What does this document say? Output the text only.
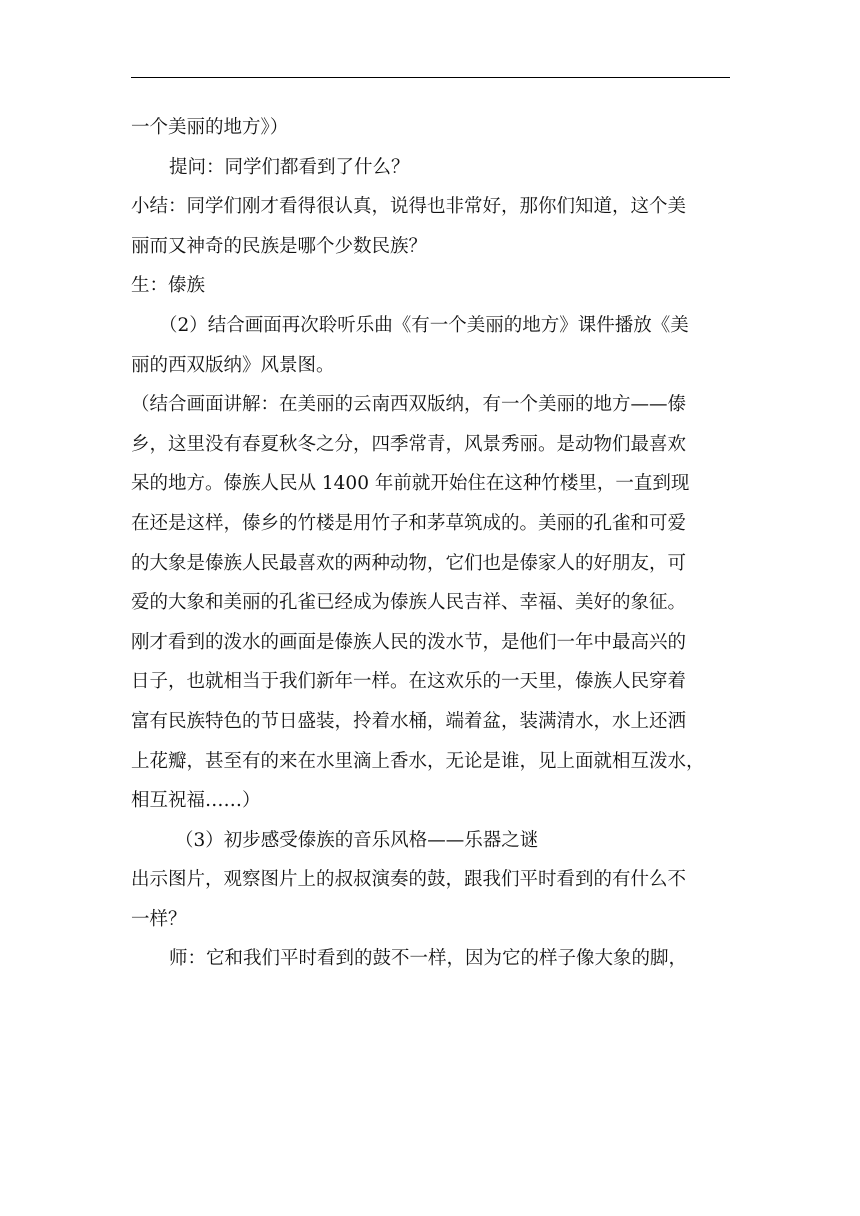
一个美丽的地方》）
提问：同学们都看到了什么？
小结：同学们刚才看得很认真，说得也非常好，那你们知道，这个美
丽而又神奇的民族是哪个少数民族？
生：傣族
（2）结合画面再次聆听乐曲《有一个美丽的地方》课件播放《美
丽的西双版纳》风景图。
（结合画面讲解：在美丽的云南西双版纳，有一个美丽的地方——傣
乡，这里没有春夏秋冬之分，四季常青，风景秀丽。是动物们最喜欢
呆的地方。傣族人民从 1400 年前就开始住在这种竹楼里，一直到现
在还是这样，傣乡的竹楼是用竹子和茅草筑成的。美丽的孔雀和可爱
的大象是傣族人民最喜欢的两种动物，它们也是傣家人的好朋友，可
爱的大象和美丽的孔雀已经成为傣族人民吉祥、幸福、美好的象征。
刚才看到的泼水的画面是傣族人民的泼水节，是他们一年中最高兴的
日子，也就相当于我们新年一样。在这欢乐的一天里，傣族人民穿着
富有民族特色的节日盛装，拎着水桶，端着盆，装满清水，水上还洒
上花瓣，甚至有的来在水里滴上香水，无论是谁，见上面就相互泼水，
相互祝福……）
（3）初步感受傣族的音乐风格——乐器之谜
出示图片，观察图片上的叔叔演奏的鼓，跟我们平时看到的有什么不
一样？
师：它和我们平时看到的鼓不一样，因为它的样子像大象的脚，
